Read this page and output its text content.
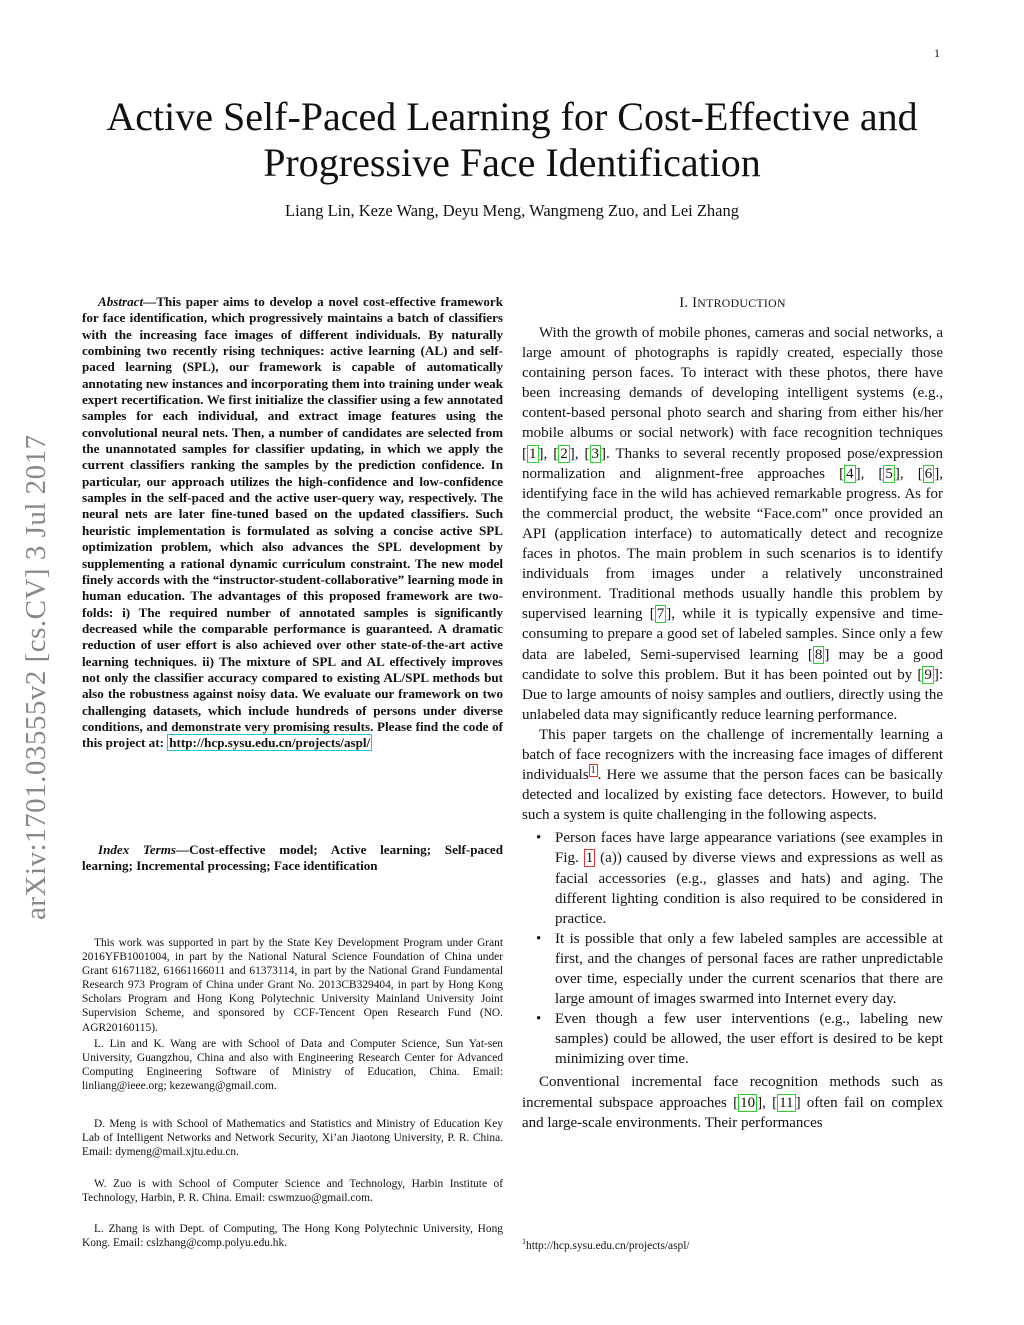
1
Active Self-Paced Learning for Cost-Effective and
Progressive Face Identification
Liang Lin, Keze Wang, Deyu Meng, Wangmeng Zuo, and Lei Zhang
arXiv:1701.03555v2 [cs.CV] 3 Jul 2017
Abstract—This paper aims to develop a novel cost-effective framework for face identification, which progressively maintains a batch of classifiers with the increasing face images of different individuals. By naturally combining two recently rising techniques: active learning (AL) and self-paced learning (SPL), our framework is capable of automatically annotating new instances and incorporating them into training under weak expert recertification. We first initialize the classifier using a few annotated samples for each individual, and extract image features using the convolutional neural nets. Then, a number of candidates are selected from the unannotated samples for classifier updating, in which we apply the current classifiers ranking the samples by the prediction confidence. In particular, our approach utilizes the high-confidence and low-confidence samples in the self-paced and the active user-query way, respectively. The neural nets are later fine-tuned based on the updated classifiers. Such heuristic implementation is formulated as solving a concise active SPL optimization problem, which also advances the SPL development by supplementing a rational dynamic curriculum constraint. The new model finely accords with the “instructor-student-collaborative” learning mode in human education. The advantages of this proposed framework are two-folds: i) The required number of annotated samples is significantly decreased while the comparable performance is guaranteed. A dramatic reduction of user effort is also achieved over other state-of-the-art active learning techniques. ii) The mixture of SPL and AL effectively improves not only the classifier accuracy compared to existing AL/SPL methods but also the robustness against noisy data. We evaluate our framework on two challenging datasets, which include hundreds of persons under diverse conditions, and demonstrate very promising results. Please find the code of this project at: http://hcp.sysu.edu.cn/projects/aspl/
Index Terms—Cost-effective model; Active learning; Self-paced learning; Incremental processing; Face identification

This work was supported in part by the State Key Development Program under Grant 2016YFB1001004, in part by the National Natural Science Foundation of China under Grant 61671182, 61661166011 and 61373114, in part by the National Grand Fundamental Research 973 Program of China under Grant No. 2013CB329404, in part by Hong Kong Scholars Program and Hong Kong Polytechnic University Mainland University Joint Supervision Scheme, and sponsored by CCF-Tencent Open Research Fund (NO. AGR20160115).

L. Lin and K. Wang are with School of Data and Computer Science, Sun Yat-sen University, Guangzhou, China and also with Engineering Research Center for Advanced Computing Engineering Software of Ministry of Education, China. Email: linliang@ieee.org; kezewang@gmail.com.

D. Meng is with School of Mathematics and Statistics and Ministry of Education Key Lab of Intelligent Networks and Network Security, Xi’an Jiaotong University, P. R. China. Email: dymeng@mail.xjtu.edu.cn.

W. Zuo is with School of Computer Science and Technology, Harbin Institute of Technology, Harbin, P. R. China. Email: cswmzuo@gmail.com.

L. Zhang is with Dept. of Computing, The Hong Kong Polytechnic University, Hong Kong. Email: cslzhang@comp.polyu.edu.hk.

I. INTRODUCTION

With the growth of mobile phones, cameras and social networks, a large amount of photographs is rapidly created, especially those containing person faces. To interact with these photos, there have been increasing demands of developing intelligent systems (e.g., content-based personal photo search and sharing from either his/her mobile albums or social network) with face recognition techniques [ 1 ], [ 2 ], [ 3 ]. Thanks to several recently proposed pose/expression normalization and alignment-free approaches [ 4 ], [ 5 ], [ 6 ], identifying face in the wild has achieved remarkable progress. As for the commercial product, the website “Face.com” once provided an API (application interface) to automatically detect and recognize faces in photos. The main problem in such scenarios is to identify individuals from images under a relatively unconstrained environment. Traditional methods usually handle this problem by supervised learning [ 7 ], while it is typically expensive and time-consuming to prepare a good set of labeled samples. Since only a few data are labeled, Semi-supervised learning [ 8 ] may be a good candidate to solve this problem. But it has been pointed out by [ 9 ]: Due to large amounts of noisy samples and outliers, directly using the unlabeled data may significantly reduce learning performance.

This paper targets on the challenge of incrementally learning a batch of face recognizers with the increasing face images of different individuals $^1$ . Here we assume that the person faces can be basically detected and localized by existing face detectors. However, to build such a system is quite challenging in the following aspects.

• Person faces have large appearance variations (see examples in Fig. 1 (a)) caused by diverse views and expressions as well as facial accessories (e.g., glasses and hats) and aging. The different lighting condition is also required to be considered in practice.
• It is possible that only a few labeled samples are accessible at first, and the changes of personal faces are rather unpredictable over time, especially under the current scenarios that there are large amount of images swarmed into Internet every day.
• Even though a few user interventions (e.g., labeling new samples) could be allowed, the user effort is desired to be kept minimizing over time.

Conventional incremental face recognition methods such as incremental subspace approaches [ 10 ], [ 11 ] often fail on complex and large-scale environments. Their performances

$^1$http://hcp.sysu.edu.cn/projects/aspl/
